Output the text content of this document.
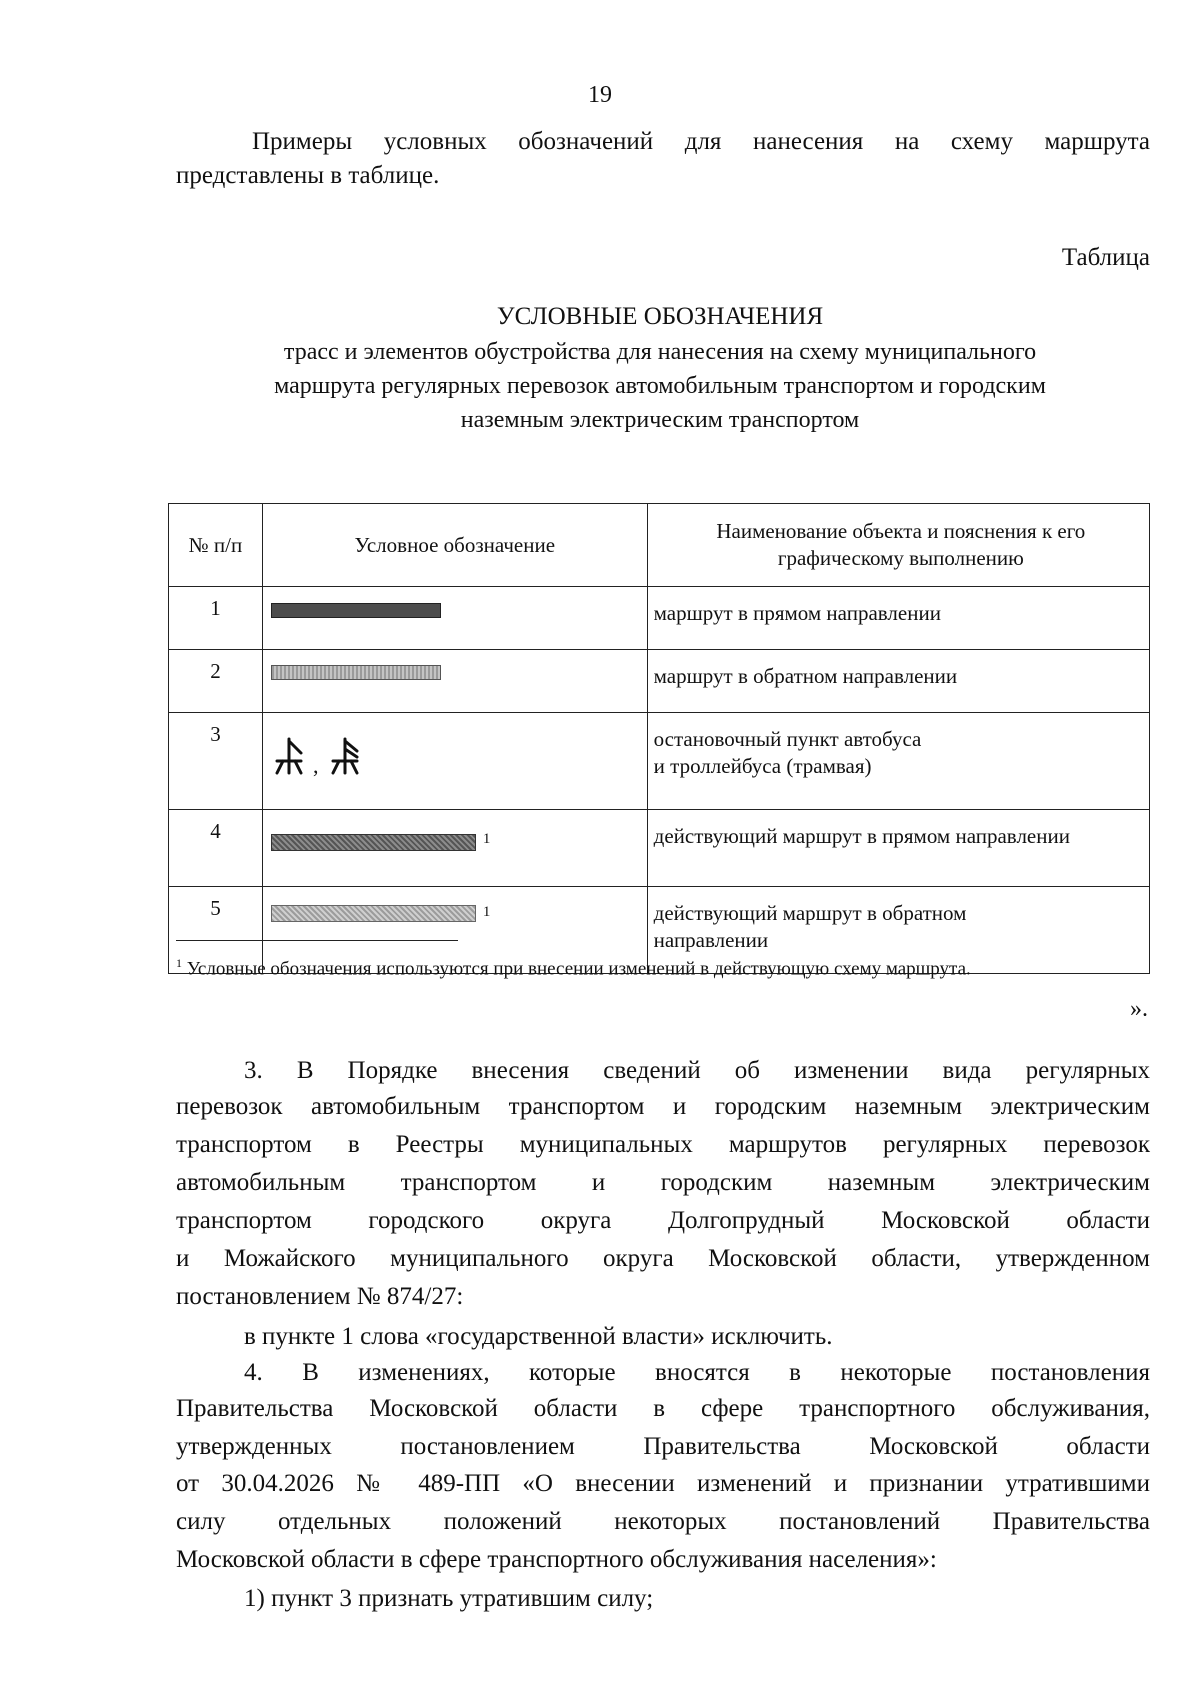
19
Примеры условных обозначений для нанесения на схему маршрута
представлены в таблице.
Таблица
УСЛОВНЫЕ ОБОЗНАЧЕНИЯ
трасс и элементов обустройства для нанесения на схему муниципального
маршрута регулярных перевозок автомобильным транспортом и городским
наземным электрическим транспортом
№ п/п	Условное обозначение	Наименование объекта и пояснения к его
графическому выполнению

1		маршрут в прямом направлении
2		маршрут в обратном направлении
3	,	остановочный пункт автобуса
и троллейбуса (трамвая)

4	1	действующий маршрут в прямом направлении
5	1	действующий маршрут в обратном
направлении
$^1$ Условные обозначения используются при внесении изменений в действующую схему маршрута.
».
3. В Порядке внесения сведений об изменении вида регулярных
перевозок автомобильным транспортом и городским наземным электрическим
транспортом в Реестры муниципальных маршрутов регулярных перевозок
автомобильным транспортом и городским наземным электрическим
транспортом городского округа Долгопрудный Московской области
и Можайского муниципального округа Московской области, утвержденном
постановлением № 874/27:
в пункте 1 слова «государственной власти» исключить.
4. В изменениях, которые вносятся в некоторые постановления
Правительства Московской области в сфере транспортного обслуживания,
утвержденных постановлением Правительства Московской области
от 30.04.2026 № 489-ПП «О внесении изменений и признании утратившими
силу отдельных положений некоторых постановлений Правительства
Московской области в сфере транспортного обслуживания населения»:
1) пункт 3 признать утратившим силу;
